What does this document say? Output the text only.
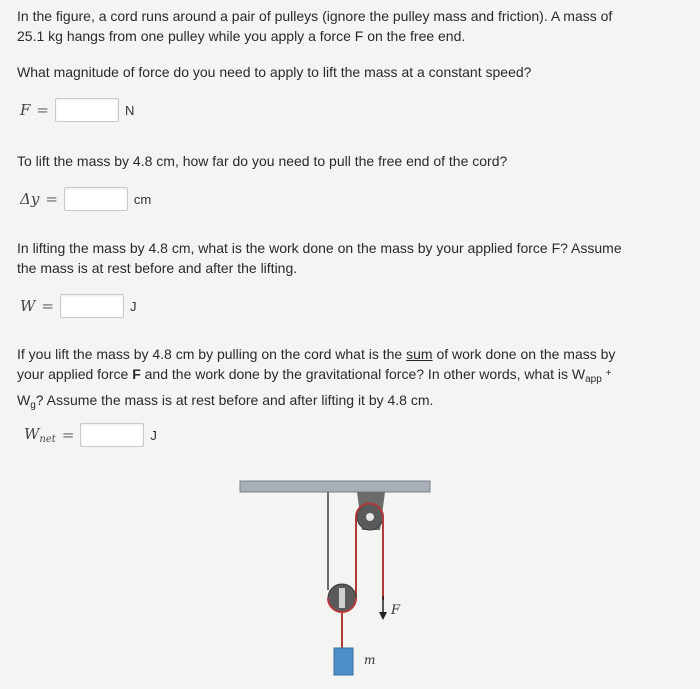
In the figure, a cord runs around a pair of pulleys (ignore the pulley mass and friction). A mass of
25.1 kg hangs from one pulley while you apply a force F on the free end.
What magnitude of force do you need to apply to lift the mass at a constant speed?
F =	N
To lift the mass by 4.8 cm, how far do you need to pull the free end of the cord?
Δy =	cm
In lifting the mass by 4.8 cm, what is the work done on the mass by your applied force F? Assume
the mass is at rest before and after the lifting.
W =	J
If you lift the mass by 4.8 cm by pulling on the cord what is the sum of work done on the mass by
your applied force F and the work done by the gravitational force? In other words, what is $W_{app}$ +
$W_g$? Assume the mass is at rest before and after lifting it by 4.8 cm.
$W_{net}$ =	J
F
m
